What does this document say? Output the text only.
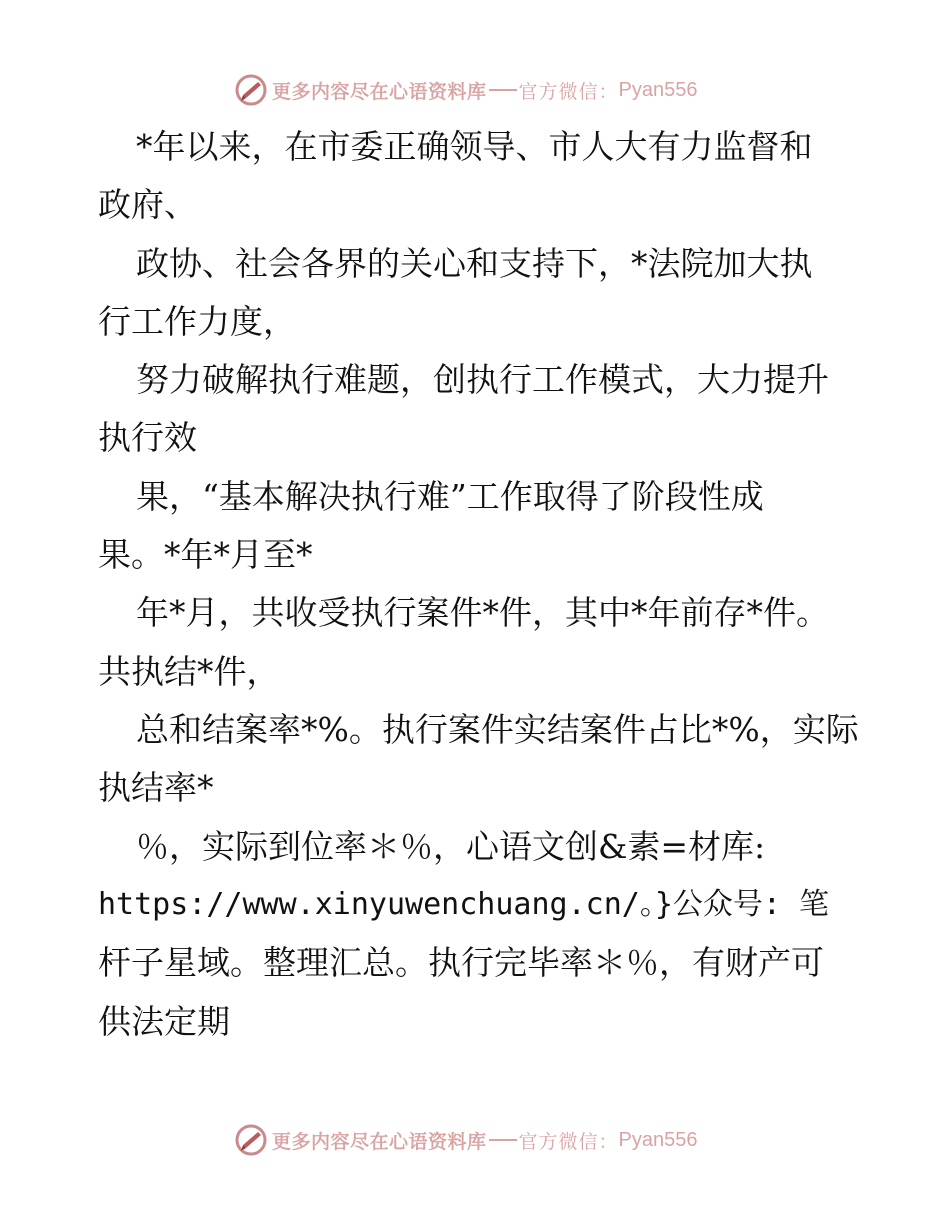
更多内容尽在心语资料库 官方微信： Pyan556
*年以来，在市委正确领导、市人大有力监督和
政府、
政协、社会各界的关心和支持下，*法院加大执
行工作力度，
努力破解执行难题，创执行工作模式，大力提升
执行效
果，“基本解决执行难”工作取得了阶段性成
果。*年*月至*
年*月，共收受执行案件*件，其中*年前存*件。
共执结*件，
总和结案率*%。执行案件实结案件占比*%，实际
执结率*
％，实际到位率＊％，心语文创&素=材库:
https://www.xinyuwenchuang.cn/。}公众号: 笔
杆子星域。整理汇总。执行完毕率＊％，有财产可
供法定期
更多内容尽在心语资料库 官方微信： Pyan556
